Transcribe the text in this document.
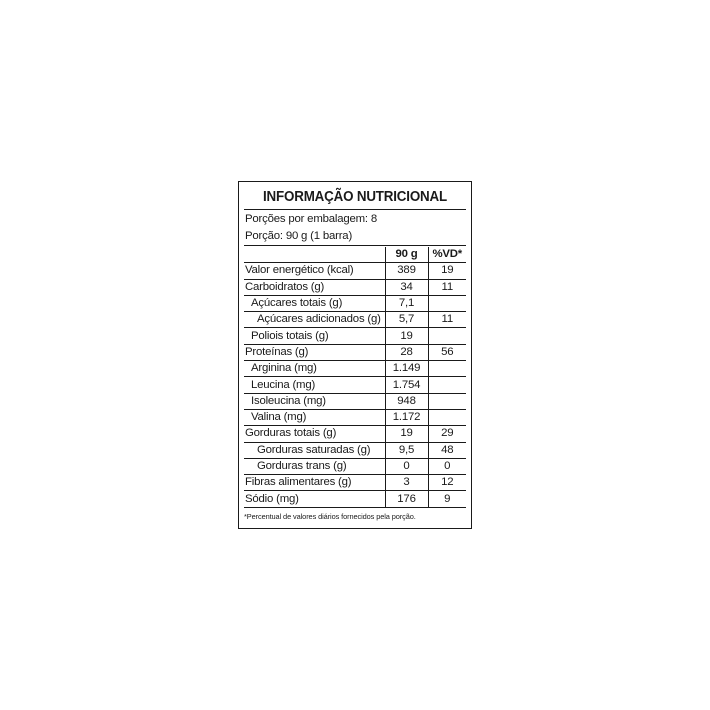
INFORMAÇÃO NUTRICIONAL
Porções por embalagem: 8
Porção: 90 g (1 barra)
	90 g	%VD*
Valor energético (kcal)	389	19
Carboidratos (g)	34	11
Açúcares totais (g)	7,1	
Açúcares adicionados (g)	5,7	11
Poliois totais (g)	19	
Proteínas (g)	28	56
Arginina (mg)	1.149	
Leucina (mg)	1.754	
Isoleucina (mg)	948	
Valina (mg)	1.172	
Gorduras totais (g)	19	29
Gorduras saturadas (g)	9,5	48
Gorduras trans (g)	0	0
Fibras alimentares (g)	3	12
Sódio (mg)	176	9
*Percentual de valores diários fornecidos pela porção.
